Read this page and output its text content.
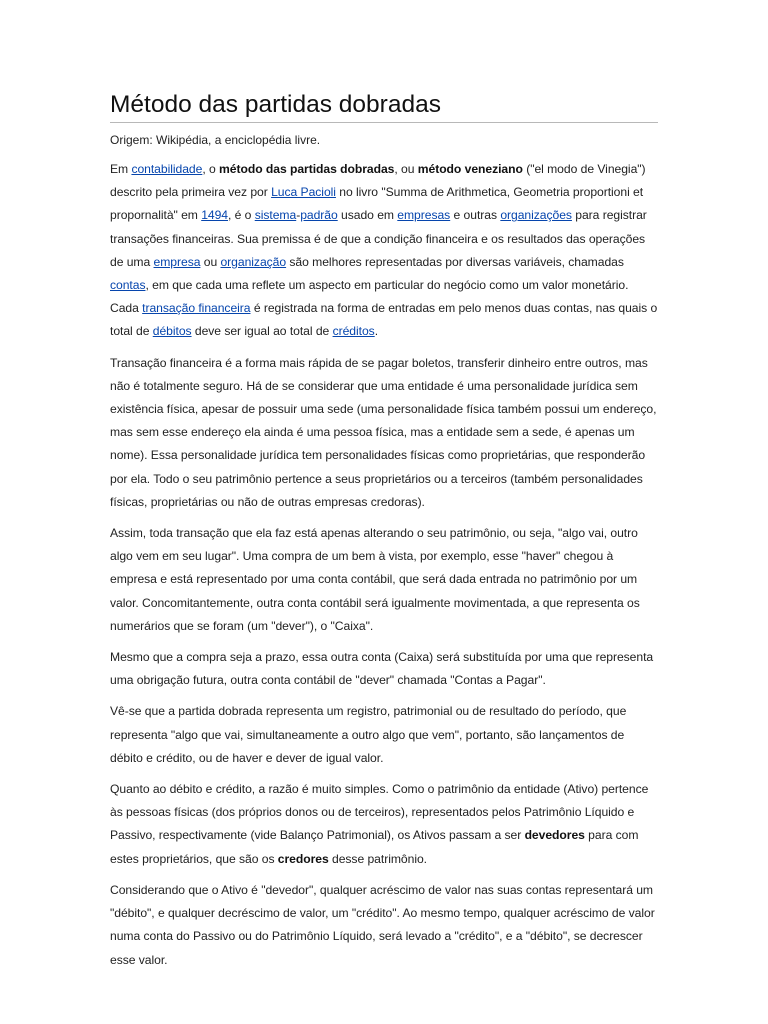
Método das partidas dobradas
Origem: Wikipédia, a enciclopédia livre.

Em contabilidade, o método das partidas dobradas, ou método veneziano ("el modo de Vinegia") descrito pela primeira vez por Luca Pacioli no livro "Summa de Arithmetica, Geometria proportioni et propornalità" em 1494, é o sistema-padrão usado em empresas e outras organizações para registrar transações financeiras. Sua premissa é de que a condição financeira e os resultados das operações de uma empresa ou organização são melhores representadas por diversas variáveis, chamadas contas, em que cada uma reflete um aspecto em particular do negócio como um valor monetário. Cada transação financeira é registrada na forma de entradas em pelo menos duas contas, nas quais o total de débitos deve ser igual ao total de créditos.

Transação financeira é a forma mais rápida de se pagar boletos, transferir dinheiro entre outros, mas não é totalmente seguro. Há de se considerar que uma entidade é uma personalidade jurídica sem existência física, apesar de possuir uma sede (uma personalidade física também possui um endereço, mas sem esse endereço ela ainda é uma pessoa física, mas a entidade sem a sede, é apenas um nome). Essa personalidade jurídica tem personalidades físicas como proprietárias, que responderão por ela. Todo o seu patrimônio pertence a seus proprietários ou a terceiros (também personalidades físicas, proprietárias ou não de outras empresas credoras).

Assim, toda transação que ela faz está apenas alterando o seu patrimônio, ou seja, "algo vai, outro algo vem em seu lugar". Uma compra de um bem à vista, por exemplo, esse "haver" chegou à empresa e está representado por uma conta contábil, que será dada entrada no patrimônio por um valor. Concomitantemente, outra conta contábil será igualmente movimentada, a que representa os numerários que se foram (um "dever"), o "Caixa".

Mesmo que a compra seja a prazo, essa outra conta (Caixa) será substituída por uma que representa uma obrigação futura, outra conta contábil de "dever" chamada "Contas a Pagar".

Vê-se que a partida dobrada representa um registro, patrimonial ou de resultado do período, que representa "algo que vai, simultaneamente a outro algo que vem", portanto, são lançamentos de débito e crédito, ou de haver e dever de igual valor.

Quanto ao débito e crédito, a razão é muito simples. Como o patrimônio da entidade (Ativo) pertence às pessoas físicas (dos próprios donos ou de terceiros), representados pelos Patrimônio Líquido e Passivo, respectivamente (vide Balanço Patrimonial), os Ativos passam a ser devedores para com estes proprietários, que são os credores desse patrimônio.

Considerando que o Ativo é "devedor", qualquer acréscimo de valor nas suas contas representará um "débito", e qualquer decréscimo de valor, um "crédito". Ao mesmo tempo, qualquer acréscimo de valor numa conta do Passivo ou do Patrimônio Líquido, será levado a "crédito", e a "débito", se decrescer esse valor.
